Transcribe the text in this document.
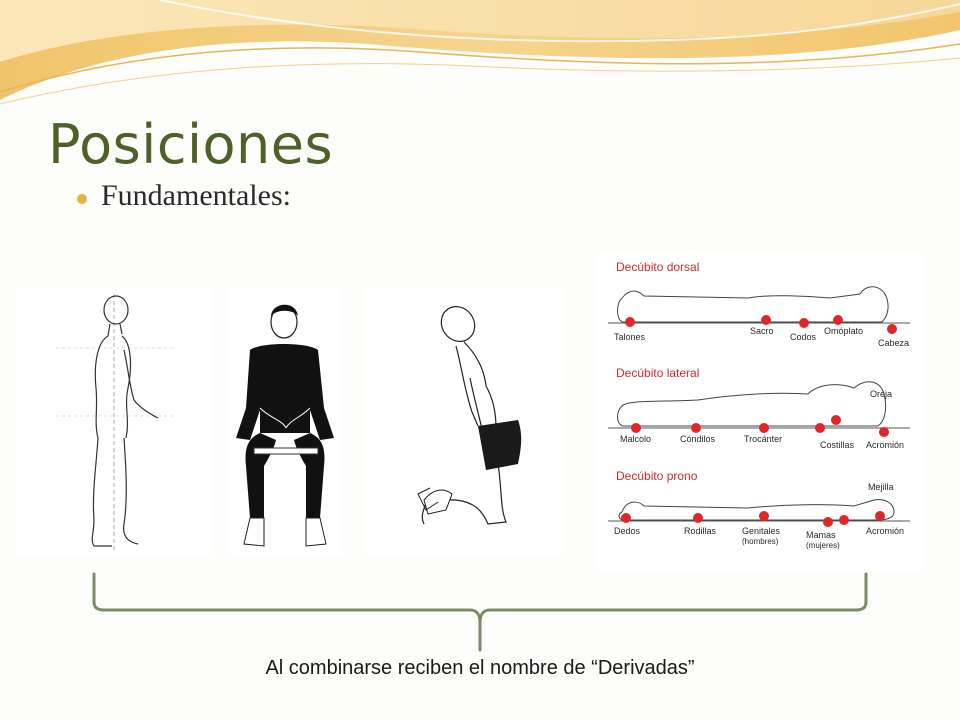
Posiciones
Fundamentales:
Decúbito dorsal
Talones
Sacro
Codos
Omóplato
Cabeza
Decúbito lateral
Oreja
Malcolo	Cóndilos	Trocánter
Costillas Acromión
Decúbito prono
Mejilla
Dedos	Rodillas	Genitales
(hombres)
Mamas
(mujeres)
Acromión
Al combinarse reciben el nombre de “Derivadas”
